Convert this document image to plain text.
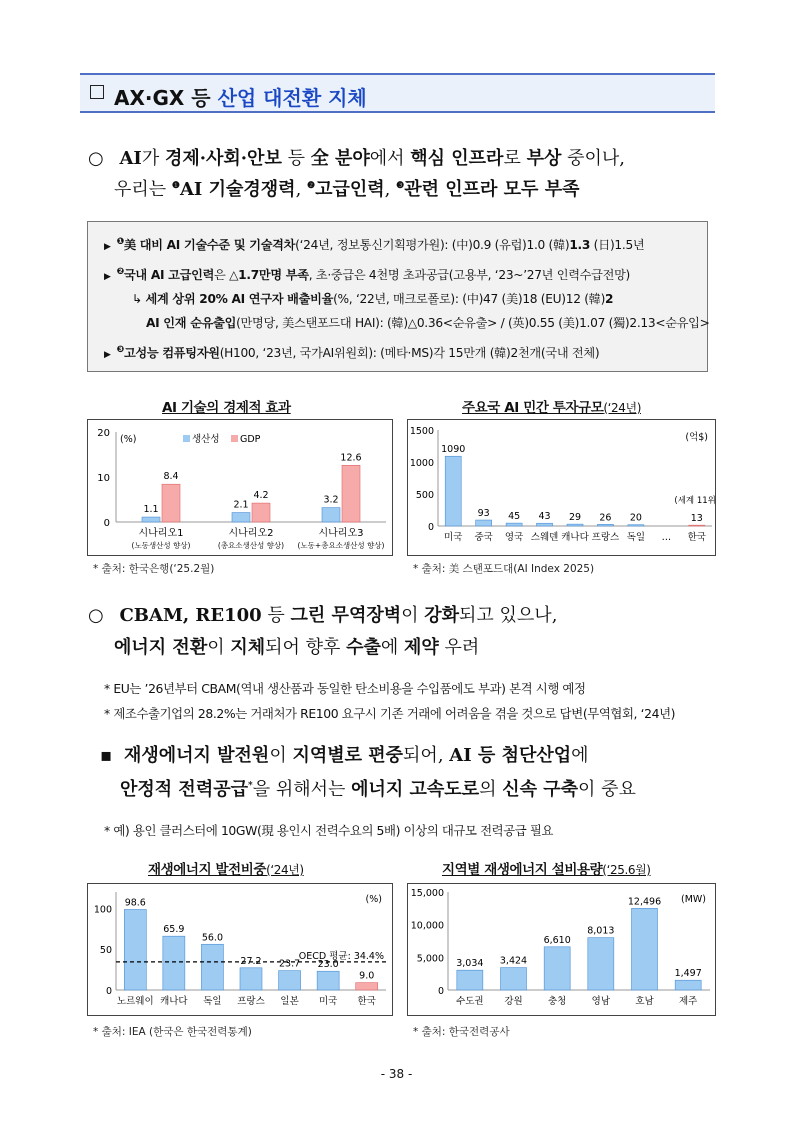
AX·GX 등 산업 대전환 지체
○ AI가 경제·사회·안보 등 全 분야에서 핵심 인프라로 부상 중이나,
우리는 $^❶$AI 기술경쟁력, $^❷$고급인력, $^❸$관련 인프라 모두 부족
▶$^❶$美 대비 AI 기술수준 및 기술격차(‘24년, 정보통신기획평가원): (中)0.9 (유럽)1.0 (韓)1.3 (日)1.5년
▶$^❷$국내 AI 고급인력은 △1.7만명 부족, 초·중급은 4천명 초과공급(고용부, ‘23~’27년 인력수급전망)
↳ 세계 상위 20% AI 연구자 배출비율(%, ‘22년, 매크로폴로): (中)47 (美)18 (EU)12 (韓)2
AI 인재 순유출입(만명당, 美스탠포드대 HAI): (韓)△0.36<순유출> / (英)0.55 (美)1.07 (獨)2.13<순유입>
▶$^❸$고성능 컴퓨팅자원(H100, ‘23년, 국가AI위원회): (메타·MS)각 15만개 (韓)2천개(국내 전체)
AI 기술의 경제적 효과	주요국 AI 민간 투자규모(‘24년)
0
10
20
(%)	생산성 GDP
1.1
8.4
시나리오1
(노동생산성 향상)
2.1
4.2
시나리오2
(총요소생산성 향상)
3.2
12.6
시나리오3
(노동+총요소생산성 향상)
0
500
1000
1500
(억$)
1090
미국
93
중국
45
영국
43
스웨덴
29
캐나다
26
프랑스
20
독일 …
13
한국
(세계 11위)
* 출처: 한국은행(‘25.2월)	* 출처: 美 스탠포드대(AI Index 2025)
○ CBAM, RE100 등 그린 무역장벽이 강화되고 있으나,
에너지 전환이 지체되어 향후 수출에 제약 우려
* EU는 ’26년부터 CBAM(역내 생산품과 동일한 탄소비용을 수입품에도 부과) 본격 시행 예정
* 제조수출기업의 28.2%는 거래처가 RE100 요구시 기존 거래에 어려움을 겪을 것으로 답변(무역협회, ‘24년)
▪ 재생에너지 발전원이 지역별로 편중되어, AI 등 첨단산업에
안정적 전력공급*을 위해서는 에너지 고속도로의 신속 구축이 중요
* 예) 용인 클러스터에 10GW(現 용인시 전력수요의 5배) 이상의 대규모 전력공급 필요
재생에너지 발전비중(‘24년)	지역별 재생에너지 설비용량(‘25.6월)
0
50
100
(%)
98.6
노르웨이
65.9
캐나다
56.0
독일
27.2
프랑스
23.7
일본
23.0
미국
9.0
한국
OECD 평균: 34.4%
0
5,000
10,000
15,000
(MW)
3,034
수도권
3,424
강원
6,610
충청
8,013
영남
12,496
호남
1,497
제주
* 출처: IEA (한국은 한국전력통계)	* 출처: 한국전력공사
- 38 -
